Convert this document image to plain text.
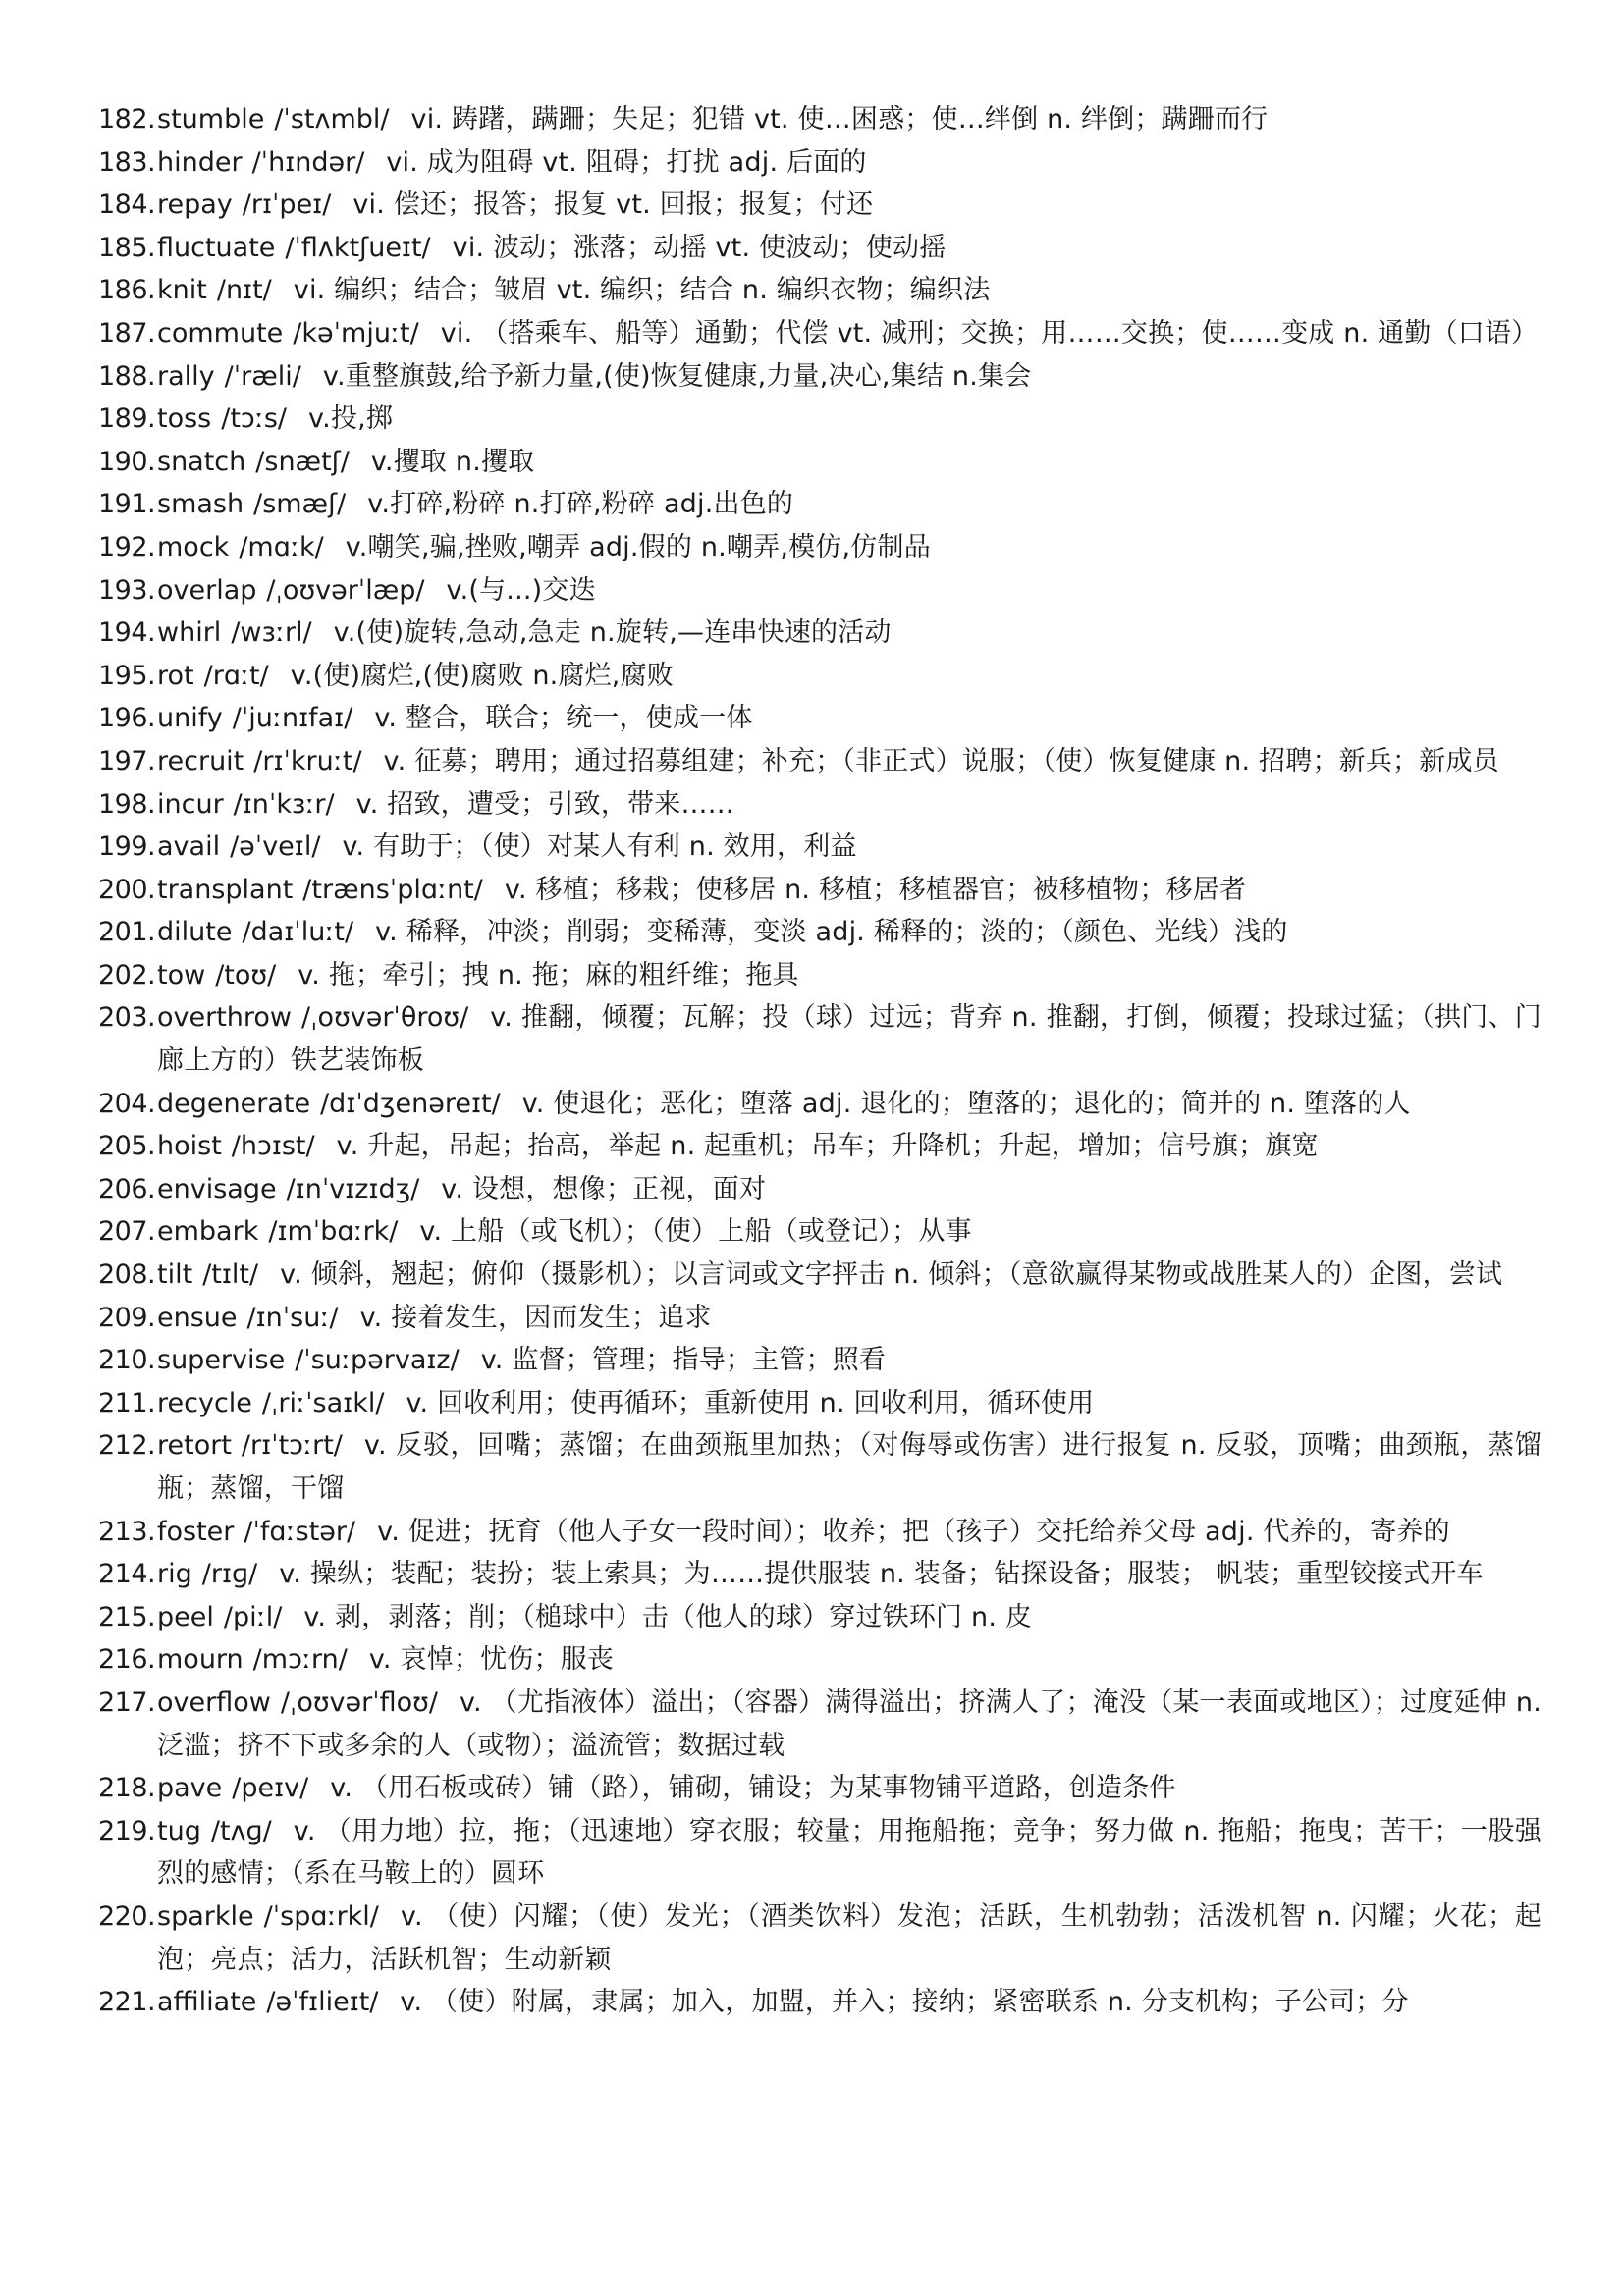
182. stumble /ˈstʌmbl/ vi. 踌躇，蹒跚；失足；犯错 vt. 使…困惑；使…绊倒 n. 绊倒；蹒跚而行
183. hinder /ˈhɪndər/ vi. 成为阻碍 vt. 阻碍；打扰 adj. 后面的
184. repay /rɪˈpeɪ/ vi. 偿还；报答；报复 vt. 回报；报复；付还
185. fluctuate /ˈflʌktʃueɪt/ vi. 波动；涨落；动摇 vt. 使波动；使动摇
186. knit /nɪt/ vi. 编织；结合；皱眉 vt. 编织；结合 n. 编织衣物；编织法
187. commute /kəˈmjuːt/ vi. （搭乘车、船等）通勤；代偿 vt. 减刑；交换；用……交换；使……变成 n. 通勤（口语）
188. rally /ˈræli/ v.重整旗鼓,给予新力量,(使)恢复健康,力量,决心,集结 n.集会
189. toss /tɔːs/ v.投,掷
190. snatch /snætʃ/ v.攫取 n.攫取
191. smash /smæʃ/ v.打碎,粉碎 n.打碎,粉碎 adj.出色的
192. mock /mɑːk/ v.嘲笑,骗,挫败,嘲弄 adj.假的 n.嘲弄,模仿,仿制品
193. overlap /ˌoʊvərˈlæp/ v.(与...)交迭
194. whirl /wɜːrl/ v.(使)旋转,急动,急走 n.旋转,—连串快速的活动
195. rot /rɑːt/ v.(使)腐烂,(使)腐败 n.腐烂,腐败
196. unify /ˈjuːnɪfaɪ/ v. 整合，联合；统一，使成一体
197. recruit /rɪˈkruːt/ v. 征募；聘用；通过招募组建；补充；（非正式）说服；（使）恢复健康 n. 招聘；新兵；新成员
198. incur /ɪnˈkɜːr/ v. 招致，遭受；引致，带来……
199. avail /əˈveɪl/ v. 有助于；（使）对某人有利 n. 效用，利益
200. transplant /trænsˈplɑːnt/ v. 移植；移栽；使移居 n. 移植；移植器官；被移植物；移居者
201. dilute /daɪˈluːt/ v. 稀释，冲淡；削弱；变稀薄，变淡 adj. 稀释的；淡的；（颜色、光线）浅的
202. tow /toʊ/ v. 拖；牵引；拽 n. 拖；麻的粗纤维；拖具
203. overthrow /ˌoʊvərˈθroʊ/ v. 推翻，倾覆；瓦解；投（球）过远；背弃 n. 推翻，打倒，倾覆；投球过猛；（拱门、门廊上方的）铁艺装饰板
204. degenerate /dɪˈdʒenəreɪt/ v. 使退化；恶化；堕落 adj. 退化的；堕落的；退化的；简并的 n. 堕落的人
205. hoist /hɔɪst/ v. 升起，吊起；抬高，举起 n. 起重机；吊车；升降机；升起，增加；信号旗；旗宽
206. envisage /ɪnˈvɪzɪdʒ/ v. 设想，想像；正视，面对
207. embark /ɪmˈbɑːrk/ v. 上船（或飞机）；（使）上船（或登记）；从事
208. tilt /tɪlt/ v. 倾斜，翘起；俯仰（摄影机）；以言词或文字抨击 n. 倾斜；（意欲赢得某物或战胜某人的）企图，尝试
209. ensue /ɪnˈsuː/ v. 接着发生，因而发生；追求
210. supervise /ˈsuːpərvaɪz/ v. 监督；管理；指导；主管；照看
211. recycle /ˌriːˈsaɪkl/ v. 回收利用；使再循环；重新使用 n. 回收利用，循环使用
212. retort /rɪˈtɔːrt/ v. 反驳，回嘴；蒸馏；在曲颈瓶里加热；（对侮辱或伤害）进行报复 n. 反驳，顶嘴；曲颈瓶，蒸馏瓶；蒸馏，干馏
213. foster /ˈfɑːstər/ v. 促进；抚育（他人子女一段时间）；收养；把（孩子）交托给养父母 adj. 代养的，寄养的
214. rig /rɪɡ/ v. 操纵；装配；装扮；装上索具；为……提供服装 n. 装备；钻探设备；服装； 帆装；重型铰接式开车
215. peel /piːl/ v. 剥，剥落；削；（槌球中）击（他人的球）穿过铁环门 n. 皮
216. mourn /mɔːrn/ v. 哀悼；忧伤；服丧
217. overflow /ˌoʊvərˈfloʊ/ v. （尤指液体）溢出；（容器）满得溢出；挤满人了；淹没（某一表面或地区）；过度延伸 n. 泛滥；挤不下或多余的人（或物）；溢流管；数据过载
218. pave /peɪv/ v. （用石板或砖）铺（路），铺砌，铺设；为某事物铺平道路，创造条件
219. tug /tʌɡ/ v. （用力地）拉，拖；（迅速地）穿衣服；较量；用拖船拖；竞争；努力做 n. 拖船；拖曳；苦干；一股强烈的感情；（系在马鞍上的）圆环
220. sparkle /ˈspɑːrkl/ v. （使）闪耀；（使）发光；（酒类饮料）发泡；活跃，生机勃勃；活泼机智 n. 闪耀；火花；起泡；亮点；活力，活跃机智；生动新颖
221. affiliate /əˈfɪlieɪt/ v. （使）附属，隶属；加入，加盟，并入；接纳；紧密联系 n. 分支机构；子公司；分
